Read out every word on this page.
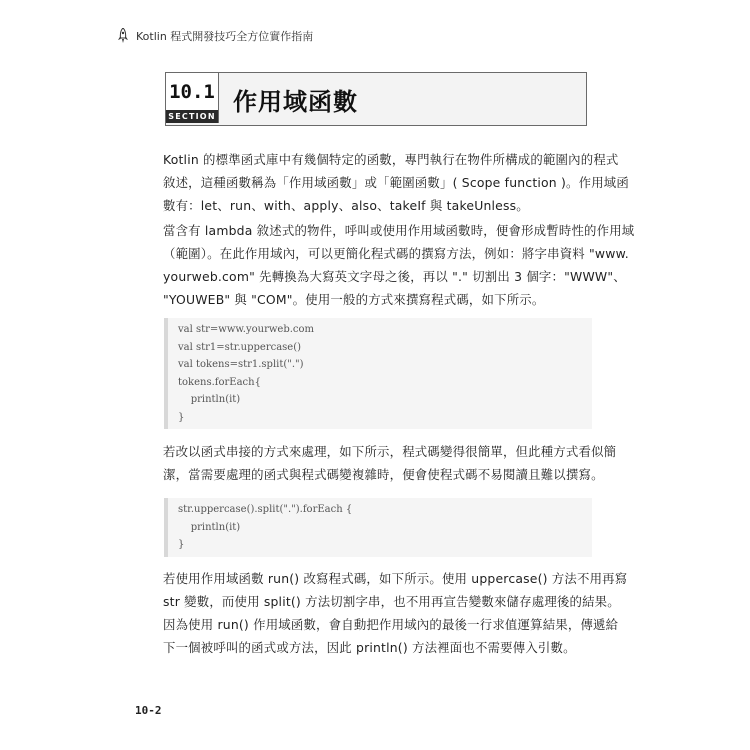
Kotlin 程式開發技巧全方位實作指南
10.1
SECTION
作用域函數

Kotlin 的標準函式庫中有幾個特定的函數，專門執行在物件所構成的範圍內的程式
敘述，這種函數稱為「作用域函數」或「範圍函數」( Scope function )。作用域函
數有：let、run、with、apply、also、takeIf 與 takeUnless。

當含有 lambda 敘述式的物件，呼叫或使用作用域函數時，便會形成暫時性的作用域
（範圍）。在此作用域內，可以更簡化程式碼的撰寫方法，例如：將字串資料 "www.
yourweb.com" 先轉換為大寫英文字母之後，再以 "." 切割出 3 個字："WWW"、
"YOUWEB" 與 "COM"。使用一般的方式來撰寫程式碼，如下所示。

val str=www.yourweb.com
val str1=str.uppercase()
val tokens=str1.split(".")
tokens.forEach{
println(it)
}

若改以函式串接的方式來處理，如下所示，程式碼變得很簡單，但此種方式看似簡
潔，當需要處理的函式與程式碼變複雜時，便會使程式碼不易閱讀且難以撰寫。

str.uppercase().split(".").forEach {
println(it)
}

若使用作用域函數 run() 改寫程式碼，如下所示。使用 uppercase() 方法不用再寫
str 變數，而使用 split() 方法切割字串，也不用再宣告變數來儲存處理後的結果。
因為使用 run() 作用域函數，會自動把作用域內的最後一行求值運算結果，傳遞給
下一個被呼叫的函式或方法，因此 println() 方法裡面也不需要傳入引數。

10-2
